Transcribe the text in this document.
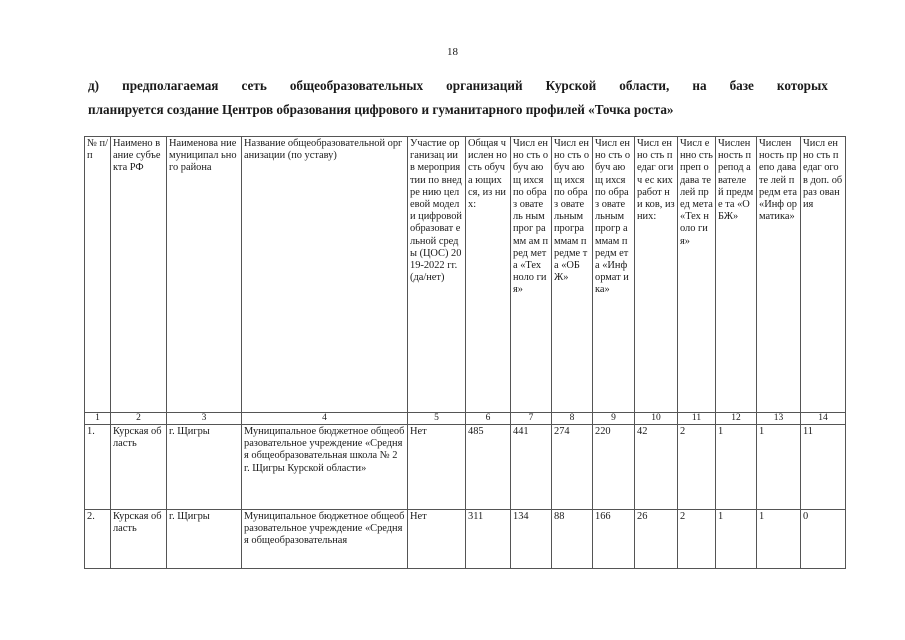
18
д) предполагаемая сеть общеобразовательных организаций Курской области, на базе которых
планируется создание Центров образования цифрового и гуманитарного профилей «Точка роста»
№ п/п	Наимено вание субъекта РФ	Наименова ние муниципал ьного района	Название общеобразовательной организации (по уставу)	Участие организац ии в мероприя тии по внедре нию целевой модели цифровой образоват ельной среды (ЦОС) 2019-2022 гг. (да/нет)	Общая числен ность обуча ющих ся, из них:	Числ енно сть обуч ающ ихся по образ овате ль ным прог рамм ам пред мета «Тех ноло гия»	Числ енно сть обуч ающ ихся по образ овате льным програ ммам предме та «ОБЖ»	Числ енно сть обуч ающ ихся по образ овате льным прогр аммам предм ета «Инф ормат ика»	Числ енно сть педаг огич ес ких работ ни ков, из них:	Числ енно сть преп одава телей пред мета «Тех ноло гия»	Числен ность препод авателе й предме та «ОБЖ»	Числен ность препо давате лей предм ета «Инф орматика»	Числ енно сть педаг огов доп. образ ован ия
1	2	3	4	5	6	7	8	9	10	11	12	13	14
1.	Курская область	г. Щигры	Муниципальное бюджетное общеобразовательное учреждение «Средняя общеобразовательная школа № 2 г. Щигры Курской области»	Нет	485	441	274	220	42	2	1	1	11
2.	Курская область	г. Щигры	Муниципальное бюджетное общеобразовательное учреждение «Средняя общеобразовательная	Нет	311	134	88	166	26	2	1	1	0
